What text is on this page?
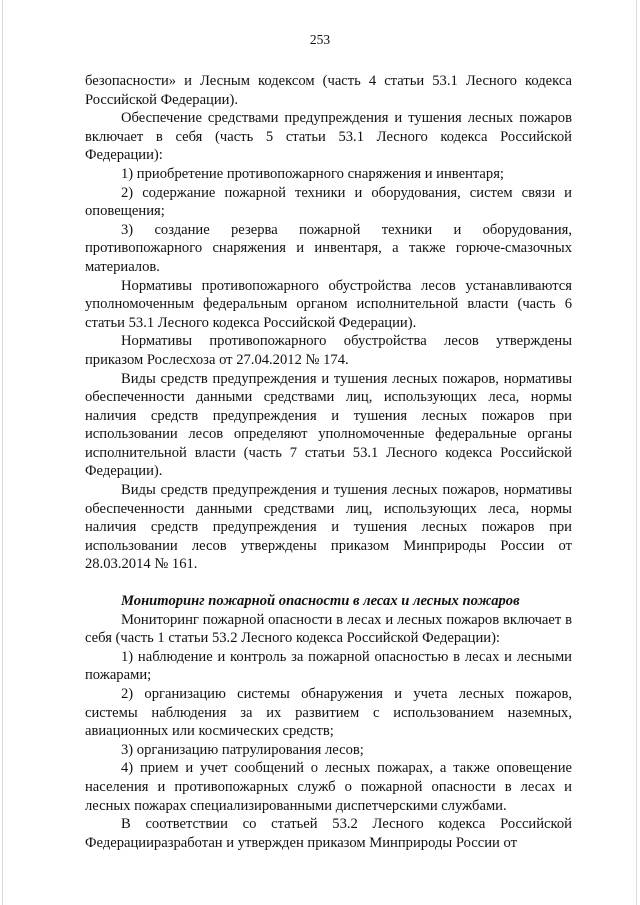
253

безопасности» и Лесным кодексом (часть 4 статьи 53.1 Лесного кодекса Российской Федерации).

Обеспечение средствами предупреждения и тушения лесных пожаров включает в себя (часть 5 статьи 53.1 Лесного кодекса Российской Федерации):

1) приобретение противопожарного снаряжения и инвентаря;

2) содержание пожарной техники и оборудования, систем связи и оповещения;

3) создание резерва пожарной техники и оборудования, противопожарного снаряжения и инвентаря, а также горюче-смазочных материалов.

Нормативы противопожарного обустройства лесов устанавливаются уполномоченным федеральным органом исполнительной власти (часть 6 статьи 53.1 Лесного кодекса Российской Федерации).

Нормативы противопожарного обустройства лесов утверждены приказом Рослесхоза от 27.04.2012 № 174.

Виды средств предупреждения и тушения лесных пожаров, нормативы обеспеченности данными средствами лиц, использующих леса, нормы наличия средств предупреждения и тушения лесных пожаров при использовании лесов определяют уполномоченные федеральные органы исполнительной власти (часть 7 статьи 53.1 Лесного кодекса Российской Федерации).

Виды средств предупреждения и тушения лесных пожаров, нормативы обеспеченности данными средствами лиц, использующих леса, нормы наличия средств предупреждения и тушения лесных пожаров при использовании лесов утверждены приказом Минприроды России от 28.03.2014 № 161.

Мониторинг пожарной опасности в лесах и лесных пожаров

Мониторинг пожарной опасности в лесах и лесных пожаров включает в себя (часть 1 статьи 53.2 Лесного кодекса Российской Федерации):

1) наблюдение и контроль за пожарной опасностью в лесах и лесными пожарами;

2) организацию системы обнаружения и учета лесных пожаров, системы наблюдения за их развитием с использованием наземных, авиационных или космических средств;

3) организацию патрулирования лесов;

4) прием и учет сообщений о лесных пожарах, а также оповещение населения и противопожарных служб о пожарной опасности в лесах и лесных пожарах специализированными диспетчерскими службами.

В соответствии со статьей 53.2 Лесного кодекса Российской Федерацииразработан и утвержден приказом Минприроды России от
